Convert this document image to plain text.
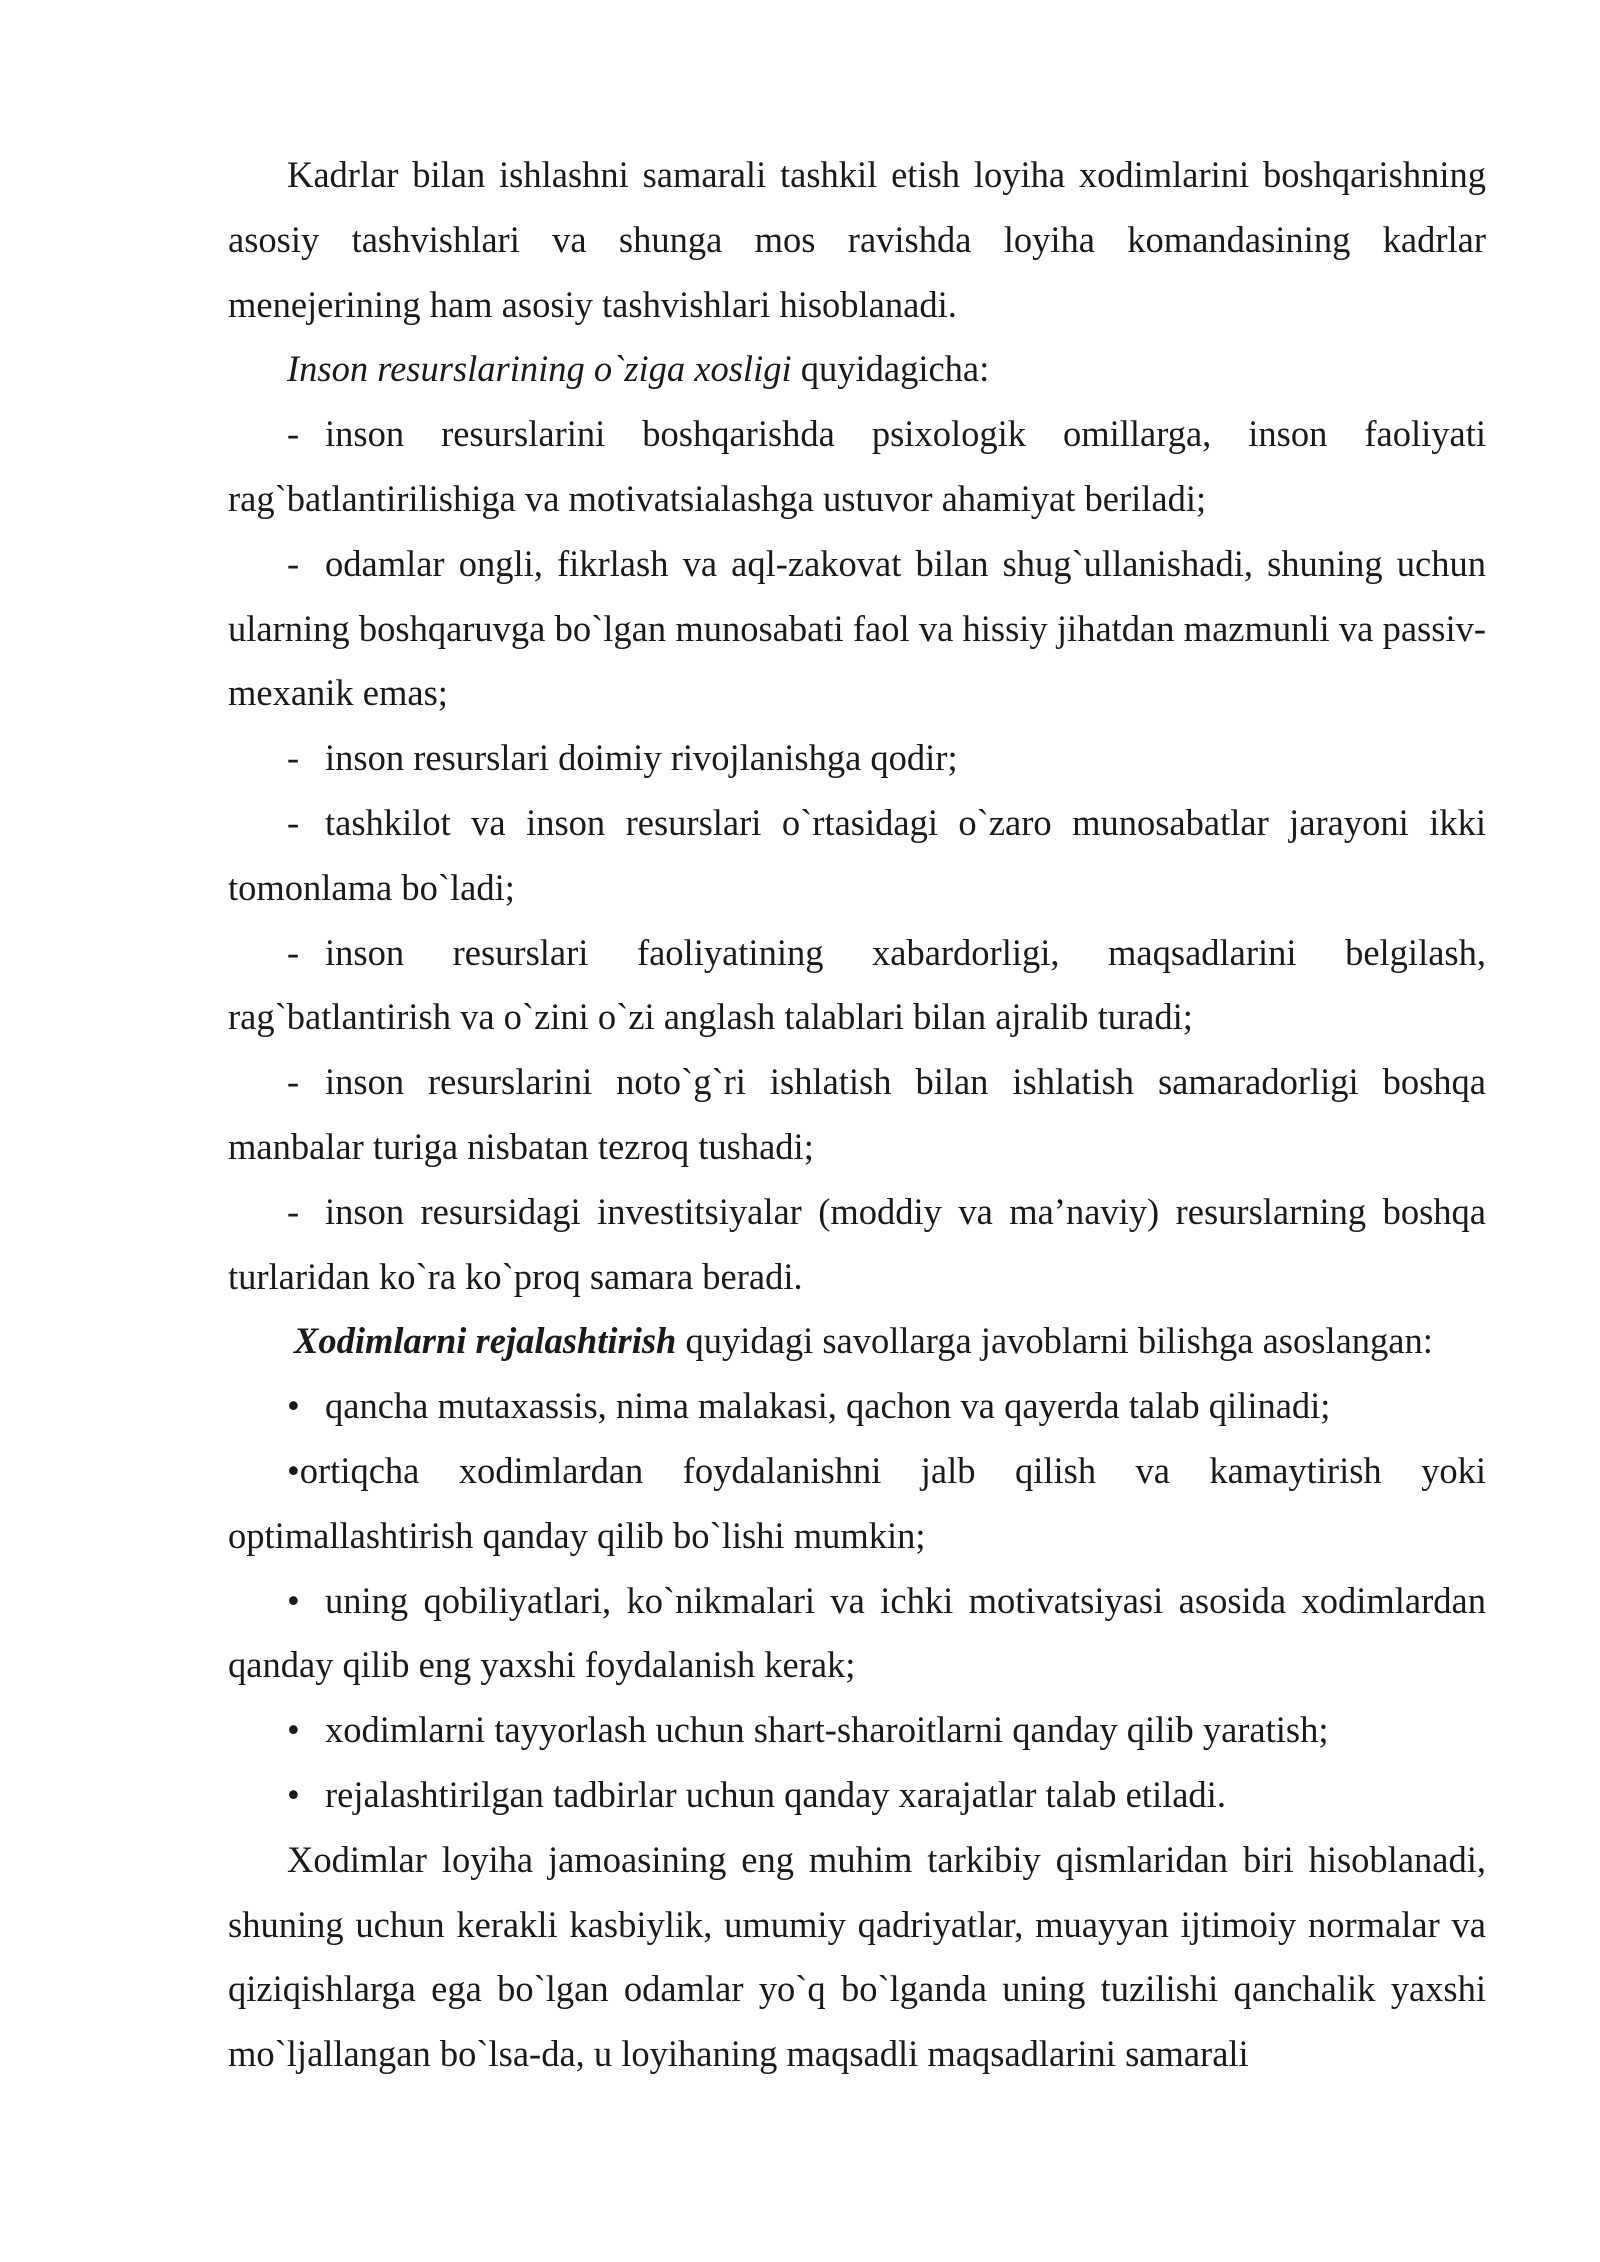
Kadrlar bilan ishlashni samarali tashkil etish loyiha xodimlarini boshqarishning asosiy tashvishlari va shunga mos ravishda loyiha komandasining kadrlar menejerining ham asosiy tashvishlari hisoblanadi.

Inson resurslarining o`ziga xosligi quyidagicha:

- inson resurslarini boshqarishda psixologik omillarga, inson faoliyati rag`batlantirilishiga va motivatsialashga ustuvor ahamiyat beriladi;

- odamlar ongli, fikrlash va aql-zakovat bilan shug`ullanishadi, shuning uchun ularning boshqaruvga bo`lgan munosabati faol va hissiy jihatdan mazmunli va passiv-mexanik emas;

- inson resurslari doimiy rivojlanishga qodir;

- tashkilot va inson resurslari o`rtasidagi o`zaro munosabatlar jarayoni ikki tomonlama bo`ladi;

- inson resurslari faoliyatining xabardorligi, maqsadlarini belgilash, rag`batlantirish va o`zini o`zi anglash talablari bilan ajralib turadi;

- inson resurslarini noto`g`ri ishlatish bilan ishlatish samaradorligi boshqa manbalar turiga nisbatan tezroq tushadi;

- inson resursidagi investitsiyalar (moddiy va ma’naviy) resurslarning boshqa turlaridan ko`ra ko`proq samara beradi.

Xodimlarni rejalashtirish quyidagi savollarga javoblarni bilishga asoslangan:

• qancha mutaxassis, nima malakasi, qachon va qayerda talab qilinadi;

•ortiqcha xodimlardan foydalanishni jalb qilish va kamaytirish yoki optimallashtirish qanday qilib bo`lishi mumkin;

• uning qobiliyatlari, ko`nikmalari va ichki motivatsiyasi asosida xodimlardan qanday qilib eng yaxshi foydalanish kerak;

• xodimlarni tayyorlash uchun shart-sharoitlarni qanday qilib yaratish;

• rejalashtirilgan tadbirlar uchun qanday xarajatlar talab etiladi.

Xodimlar loyiha jamoasining eng muhim tarkibiy qismlaridan biri hisoblanadi, shuning uchun kerakli kasbiylik, umumiy qadriyatlar, muayyan ijtimoiy normalar va qiziqishlarga ega bo`lgan odamlar yo`q bo`lganda uning tuzilishi qanchalik yaxshi mo`ljallangan bo`lsa-da, u loyihaning maqsadli maqsadlarini samarali
